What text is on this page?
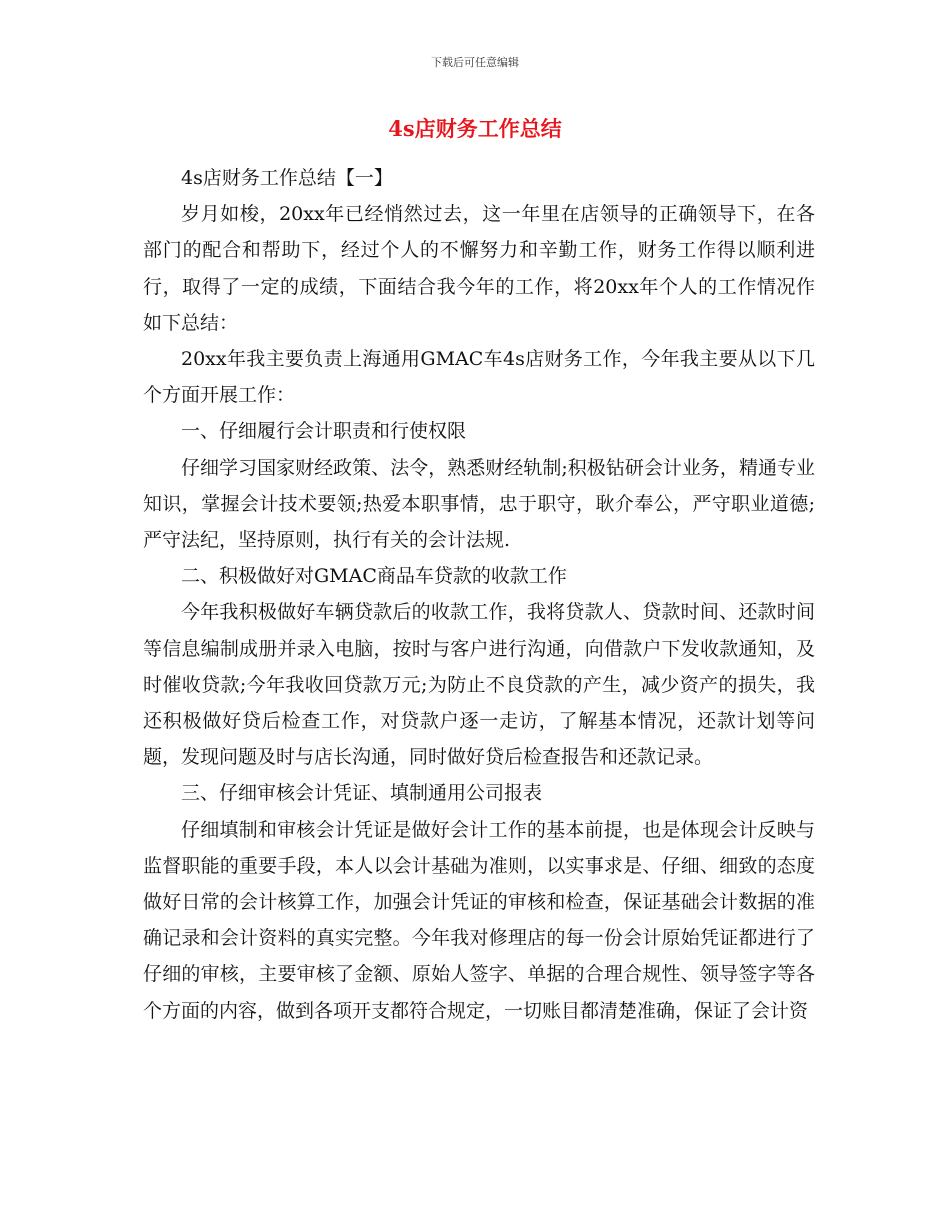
下载后可任意编辑
4s店财务工作总结

4s店财务工作总结【一】

岁月如梭，20xx年已经悄然过去，这一年里在店领导的正确领导下，在各部门的配合和帮助下，经过个人的不懈努力和辛勤工作，财务工作得以顺利进行，取得了一定的成绩，下面结合我今年的工作，将20xx年个人的工作情况作如下总结：

20xx年我主要负责上海通用GMAC车4s店财务工作，今年我主要从以下几个方面开展工作：

一、仔细履行会计职责和行使权限

仔细学习国家财经政策、法令，熟悉财经轨制;积极钻研会计业务，精通专业知识，掌握会计技术要领;热爱本职事情，忠于职守，耿介奉公，严守职业道德;严守法纪，坚持原则，执行有关的会计法规.

二、积极做好对GMAC商品车贷款的收款工作

今年我积极做好车辆贷款后的收款工作，我将贷款人、贷款时间、还款时间等信息编制成册并录入电脑，按时与客户进行沟通，向借款户下发收款通知，及时催收贷款;今年我收回贷款万元;为防止不良贷款的产生，减少资产的损失，我还积极做好贷后检查工作，对贷款户逐一走访，了解基本情况，还款计划等问题，发现问题及时与店长沟通，同时做好贷后检查报告和还款记录。

三、仔细审核会计凭证、填制通用公司报表

仔细填制和审核会计凭证是做好会计工作的基本前提，也是体现会计反映与监督职能的重要手段，本人以会计基础为准则，以实事求是、仔细、细致的态度做好日常的会计核算工作，加强会计凭证的审核和检查，保证基础会计数据的准确记录和会计资料的真实完整。今年我对修理店的每一份会计原始凭证都进行了仔细的审核，主要审核了金额、原始人签字、单据的合理合规性、领导签字等各个方面的内容，做到各项开支都符合规定，一切账目都清楚准确，保证了会计资
